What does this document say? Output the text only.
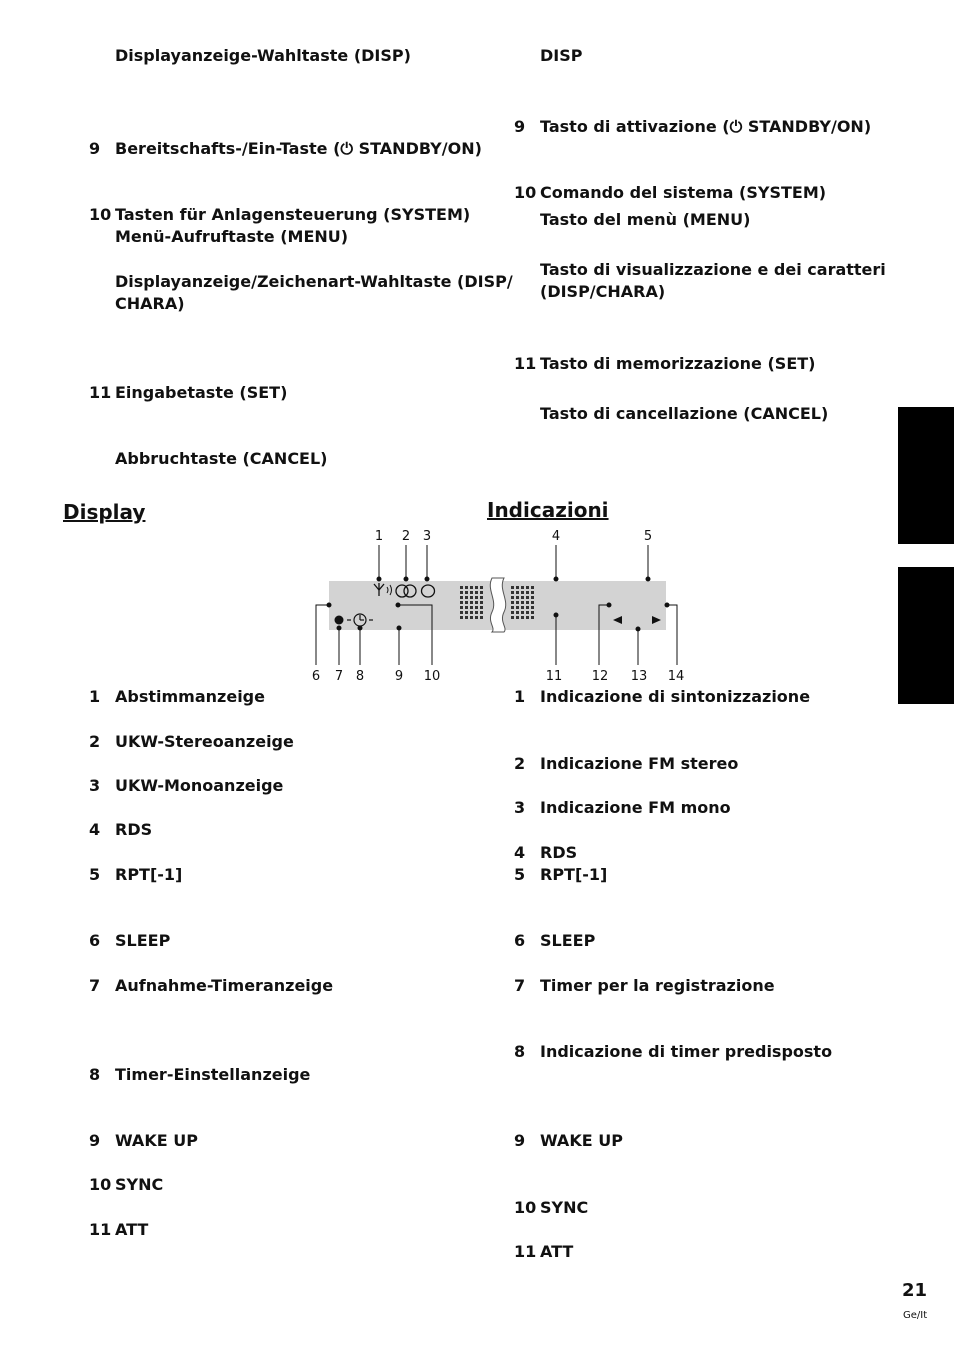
Displayanzeige-Wahltaste (DISP)

9 Bereitschafts-/Ein-Taste (⏻ STANDBY/ON)

10 Tasten für Anlagensteuerung (SYSTEM)

Menü-Aufruftaste (MENU)

Displayanzeige/Zeichenart-Wahltaste (DISP/

CHARA)

11 Eingabetaste (SET)

Abbruchtaste (CANCEL)

DISP

9 Tasto di attivazione (⏻ STANDBY/ON)

10 Comando del sistema (SYSTEM)

Tasto del menù (MENU)

Tasto di visualizzazione e dei caratteri

(DISP/CHARA)

11 Tasto di memorizzazione (SET)

Tasto di cancellazione (CANCEL)

Display	Indicazioni
1 2 3	4	5
6 7 8 9 10	11 12 13 14

1 Abstimmanzeige

2 UKW-Stereoanzeige

3 UKW-Monoanzeige

4 RDS

5 RPT[-1]

6 SLEEP

7 Aufnahme-Timeranzeige

8 Timer-Einstellanzeige

9 WAKE UP

10 SYNC

11 ATT

1 Indicazione di sintonizzazione

2 Indicazione FM stereo

3 Indicazione FM mono

4 RDS

5 RPT[-1]

6 SLEEP

7 Timer per la registrazione

8 Indicazione di timer predisposto

9 WAKE UP

10 SYNC

11 ATT

21

Ge/It
